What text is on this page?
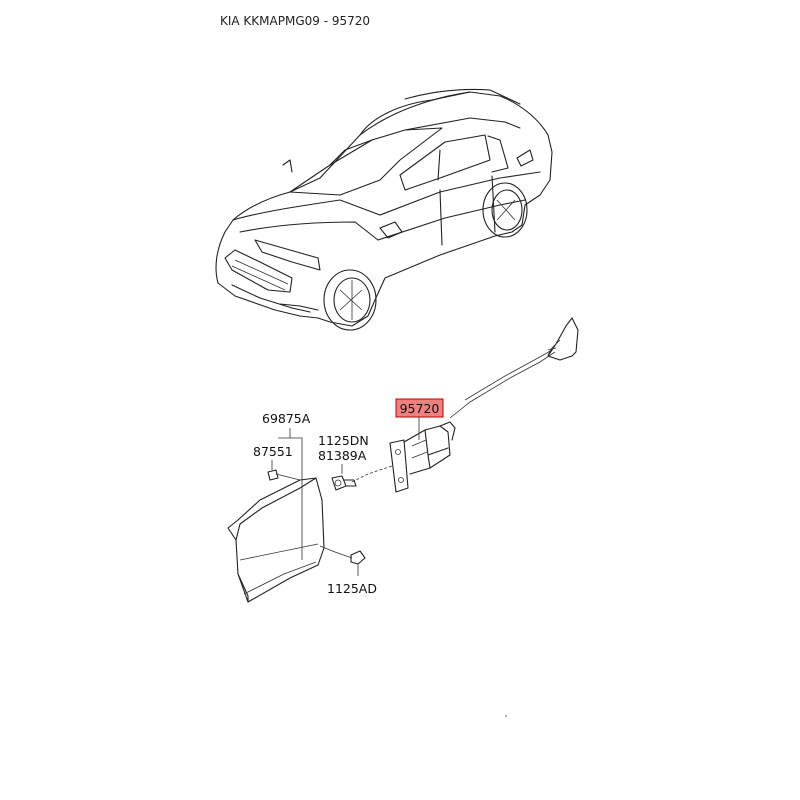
KIA KKMAPMG09 - 95720
95720
69875A
87551
1125DN
81389A
1125AD
